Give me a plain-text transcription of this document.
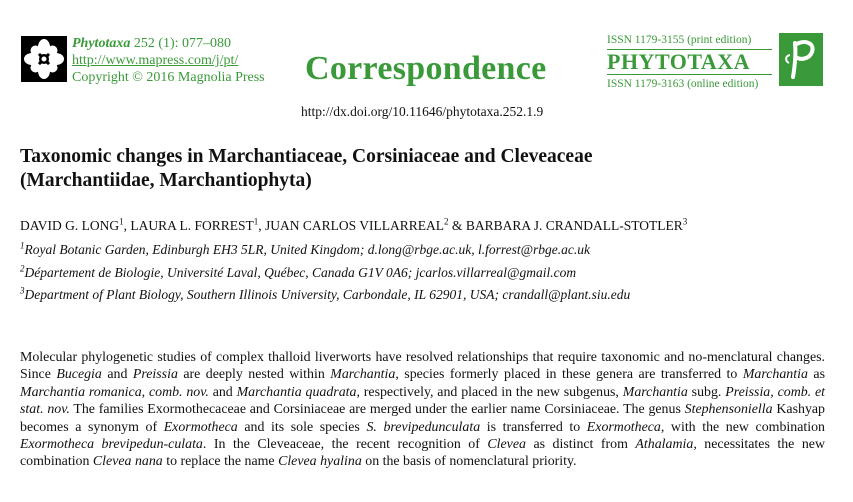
Phytotaxa 252 (1): 077–080
http://www.mapress.com/j/pt/
Copyright © 2016 Magnolia Press Correspondence
ISSN 1179-3155 (print edition)
PHYTOTAXA
ISSN 1179-3163 (online edition)
http://dx.doi.org/10.11646/phytotaxa.252.1.9
Taxonomic changes in Marchantiaceae, Corsiniaceae and Cleveaceae
(Marchantiidae, Marchantiophyta)
DAVID G. LONG$^1$, LAURA L. FORREST$^1$, JUAN CARLOS VILLARREAL$^2$ & BARBARA J. CRANDALL-STOTLER$^3$
$^1$Royal Botanic Garden, Edinburgh EH3 5LR, United Kingdom; d.long@rbge.ac.uk, l.forrest@rbge.ac.uk
$^2$Département de Biologie, Université Laval, Québec, Canada G1V 0A6; jcarlos.villarreal@gmail.com
$^3$Department of Plant Biology, Southern Illinois University, Carbondale, IL 62901, USA; crandall@plant.siu.edu
Molecular phylogenetic studies of complex thalloid liverworts have resolved relationships that require taxonomic and no-menclatural changes. Since Bucegia and Preissia are deeply nested within Marchantia, species formerly placed in these genera are transferred to Marchantia as Marchantia romanica, comb. nov. and Marchantia quadrata, respectively, and placed in the new subgenus, Marchantia subg. Preissia, comb. et stat. nov. The families Exormothecaceae and Corsiniaceae are merged under the earlier name Corsiniaceae. The genus Stephensoniella Kashyap becomes a synonym of Exormotheca and its sole species S. brevipedunculata is transferred to Exormotheca, with the new combination Exormotheca brevipedun-culata. In the Cleveaceae, the recent recognition of Clevea as distinct from Athalamia, necessitates the new combination Clevea nana to replace the name Clevea hyalina on the basis of nomenclatural priority.
